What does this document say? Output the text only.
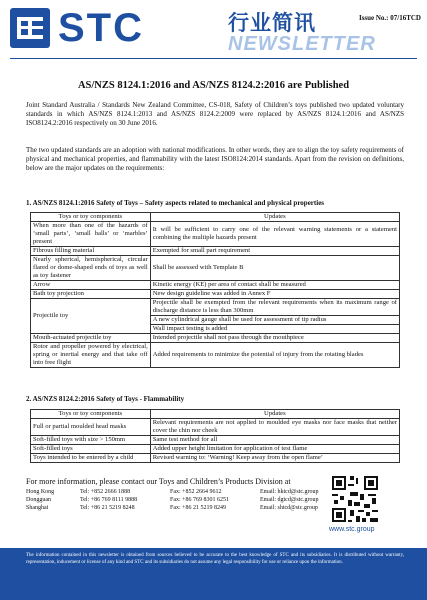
STC	行业简讯
NEWSLETTER
Issue No.: 07/16TCD
AS/NZS 8124.1:2016 and AS/NZS 8124.2:2016 are Published
Joint Standard Australia / Standards New Zealand Committee, CS-018, Safety of Children’s toys published two updated voluntary standards in which AS/NZS 8124.1:2013 and AS/NZS 8124.2:2009 were replaced by AS/NZS 8124.1:2016 and AS/NZS ISO8124.2:2016 respectively on 30 June 2016.
The two updated standards are an adoption with national modifications. In other words, they are to align the toy safety requirements of physical and mechanical properties, and flammability with the latest ISO8124:2014 standards. Apart from the revision on definitions, below are the major updates on the requirements:
1. AS/NZS 8124.1:2016 Safety of Toys – Safety aspects related to mechanical and physical properties
Toys or toy components	Updates
When more than one of the hazards of ‘small parts’, ‘small balls’ or ‘marbles’ present	It will be sufficient to carry one of the relevant warning statements or a statement combining the multiple hazards present
Fibrous filling material	Exempted for small part requirement
Nearly spherical, hemispherical, circular flared or dome-shaped ends of toys as well as toy fastener	Shall be assessed with Template B
Arrow	Kinetic energy (KE) per area of contact shall be measured
Bath toy projection	New design guideline was added in Annex F
Projectile toy	Projectile shall be exempted from the relevant requirements when its maximum range of discharge distance is less than 300mm
	A new cylindrical gauge shall be used for assessment of tip radius
	Wall impact testing is added
Mouth-actuated projectile toy	Intended projectile shall not pass through the mouthpiece
Rotor and propeller powered by electrical, spring or inertial energy and that take off into free flight	Added requirements to minimize the potential of injury from the rotating blades
2. AS/NZS 8124.2:2016 Safety of Toys - Flammability
Toys or toy components	Updates
Full or partial moulded head masks	Relevant requirements are not applied to moulded eye masks nor face masks that neither cover the chin nor cheek
Soft-filled toys with size > 150mm	Same test method for all
Soft-filled toys	Added upper height limitation for application of test flame
Toys intended to be entered by a child	Revised warning to: ‘Warning! Keep away from the open flame’
For more information, please contact our Toys and Children’s Products Division at
Hong Kong	Tel: +852 2666 1888	Fax: +852 2664 9612	Email: hktcd@stc.group
Dongguan	Tel: +86 769 8111 9888	Fax: +86 769 8301 6251	Email: dgtcd@stc.group
Shanghai	Tel: +86 21 5219 8248	Fax: +86 21 5219 8249	Email: shtcd@stc.group
www.stc.group
The information contained in this newsletter is obtained from sources believed to be accurate to the best knowledge of STC and its subsidiaries. It is distributed without warranty, representation, inducement or license of any kind and STC and its subsidiaries do not assume any legal responsibility for use or reliance upon the information.
